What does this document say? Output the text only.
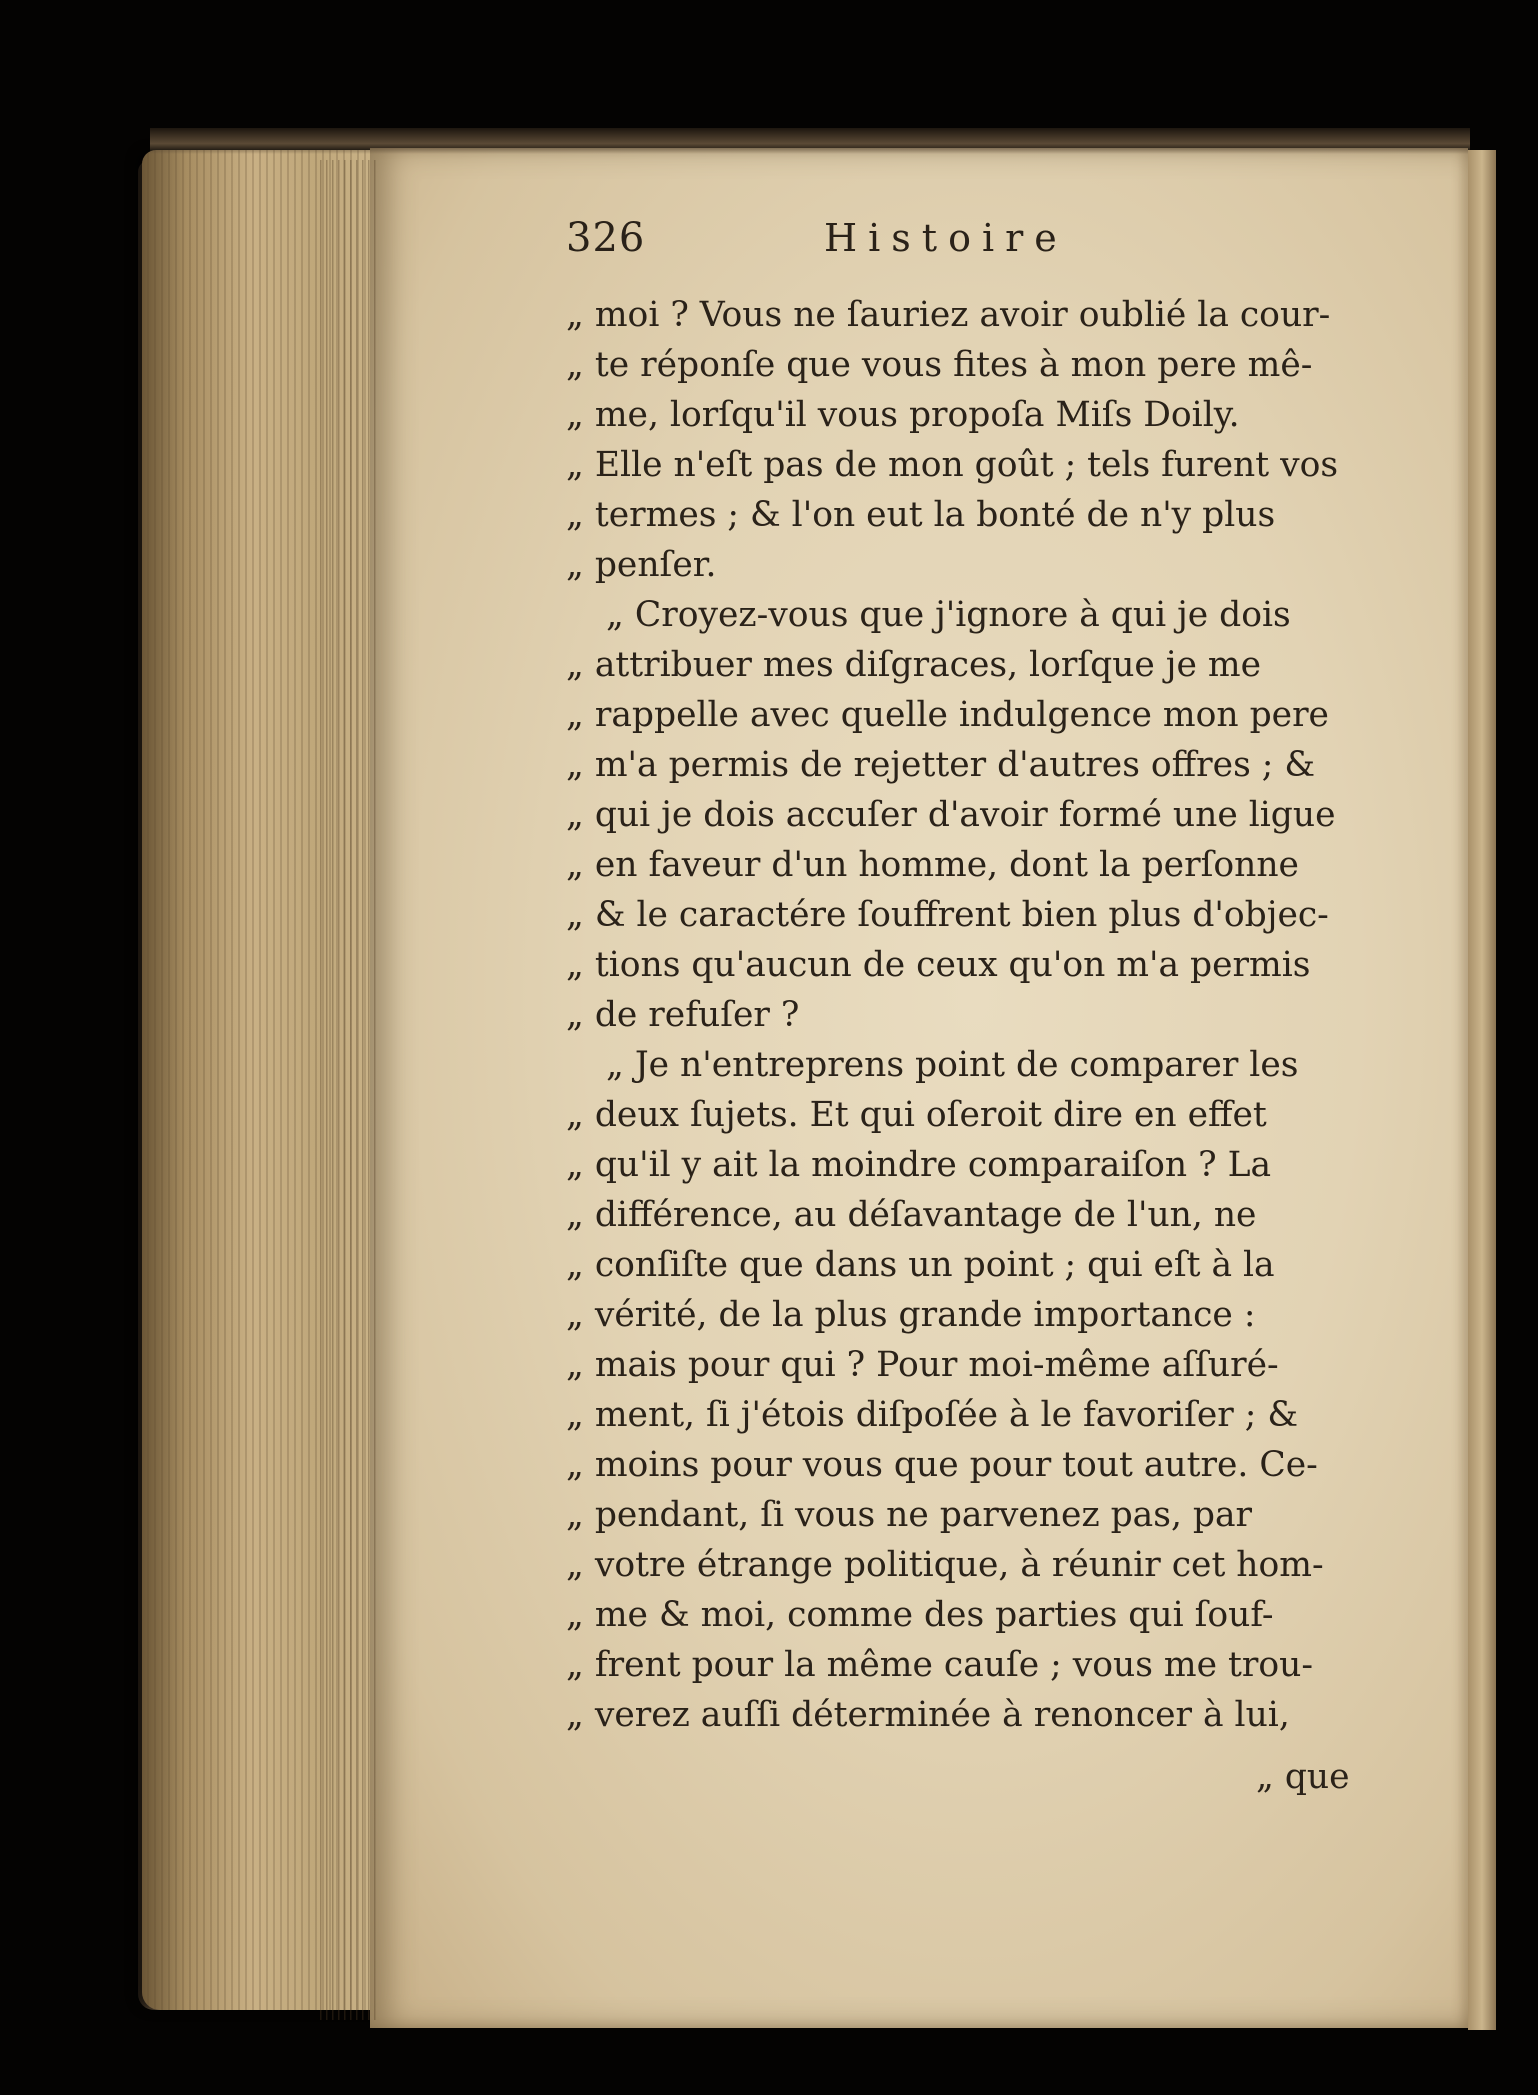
326	Histoire
„ moi ? Vous ne ſauriez avoir oublié la cour-
„ te réponſe que vous fites à mon pere mê-
„ me, lorſqu'il vous propoſa Miſs Doily.
„ Elle n'eſt pas de mon goût ; tels furent vos
„ termes ; & l'on eut la bonté de n'y plus
„ penſer.
„ Croyez-vous que j'ignore à qui je dois
„ attribuer mes diſgraces, lorſque je me
„ rappelle avec quelle indulgence mon pere
„ m'a permis de rejetter d'autres offres ; &
„ qui je dois accuſer d'avoir formé une ligue
„ en faveur d'un homme, dont la perſonne
„ & le caractére ſouffrent bien plus d'objec-
„ tions qu'aucun de ceux qu'on m'a permis
„ de refuſer ?
„ Je n'entreprens point de comparer les
„ deux ſujets. Et qui oſeroit dire en effet
„ qu'il y ait la moindre comparaiſon ? La
„ différence, au déſavantage de l'un, ne
„ conſiſte que dans un point ; qui eſt à la
„ vérité, de la plus grande importance :
„ mais pour qui ? Pour moi-même aſſuré-
„ ment, ſi j'étois diſpoſée à le favoriſer ; &
„ moins pour vous que pour tout autre. Ce-
„ pendant, ſi vous ne parvenez pas, par
„ votre étrange politique, à réunir cet hom-
„ me & moi, comme des parties qui ſouf-
„ frent pour la même cauſe ; vous me trou-
„ verez auſſi déterminée à renoncer à lui,
„ que
